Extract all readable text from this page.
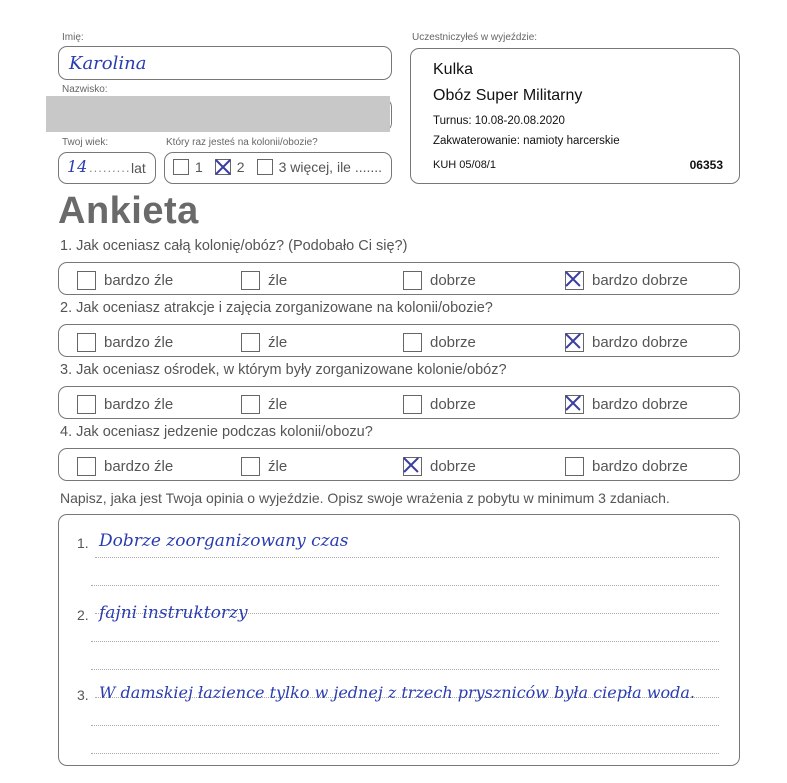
Imię:
Karolina
Nazwisko:
Twoj wiek:
14 ......... lat
Który raz jesteś na kolonii/obozie?
1 2 3 więcej, ile .......
Uczestniczyłeś w wyjeździe:
Kulka
Obóz Super Militarny
Turnus: 10.08-20.08.2020
Zakwaterowanie: namioty harcerskie
KUH 05/08/1	06353
Ankieta
1. Jak oceniasz całą kolonię/obóz? (Podobało Ci się?)
bardzo źle	źle	dobrze	bardzo dobrze
2. Jak oceniasz atrakcje i zajęcia zorganizowane na kolonii/obozie?
bardzo źle	źle	dobrze	bardzo dobrze
3. Jak oceniasz ośrodek, w którym były zorganizowane kolonie/obóz?
bardzo źle	źle	dobrze	bardzo dobrze
4. Jak oceniasz jedzenie podczas kolonii/obozu?
bardzo źle	źle	dobrze	bardzo dobrze
Napisz, jaka jest Twoja opinia o wyjeździe. Opisz swoje wrażenia z pobytu w minimum 3 zdaniach.
1. Dobrze zoorganizowany czas
2. fajni instruktorzy
3. W damskiej łazience tylko w jednej z trzech pryszniców była ciepła woda.
